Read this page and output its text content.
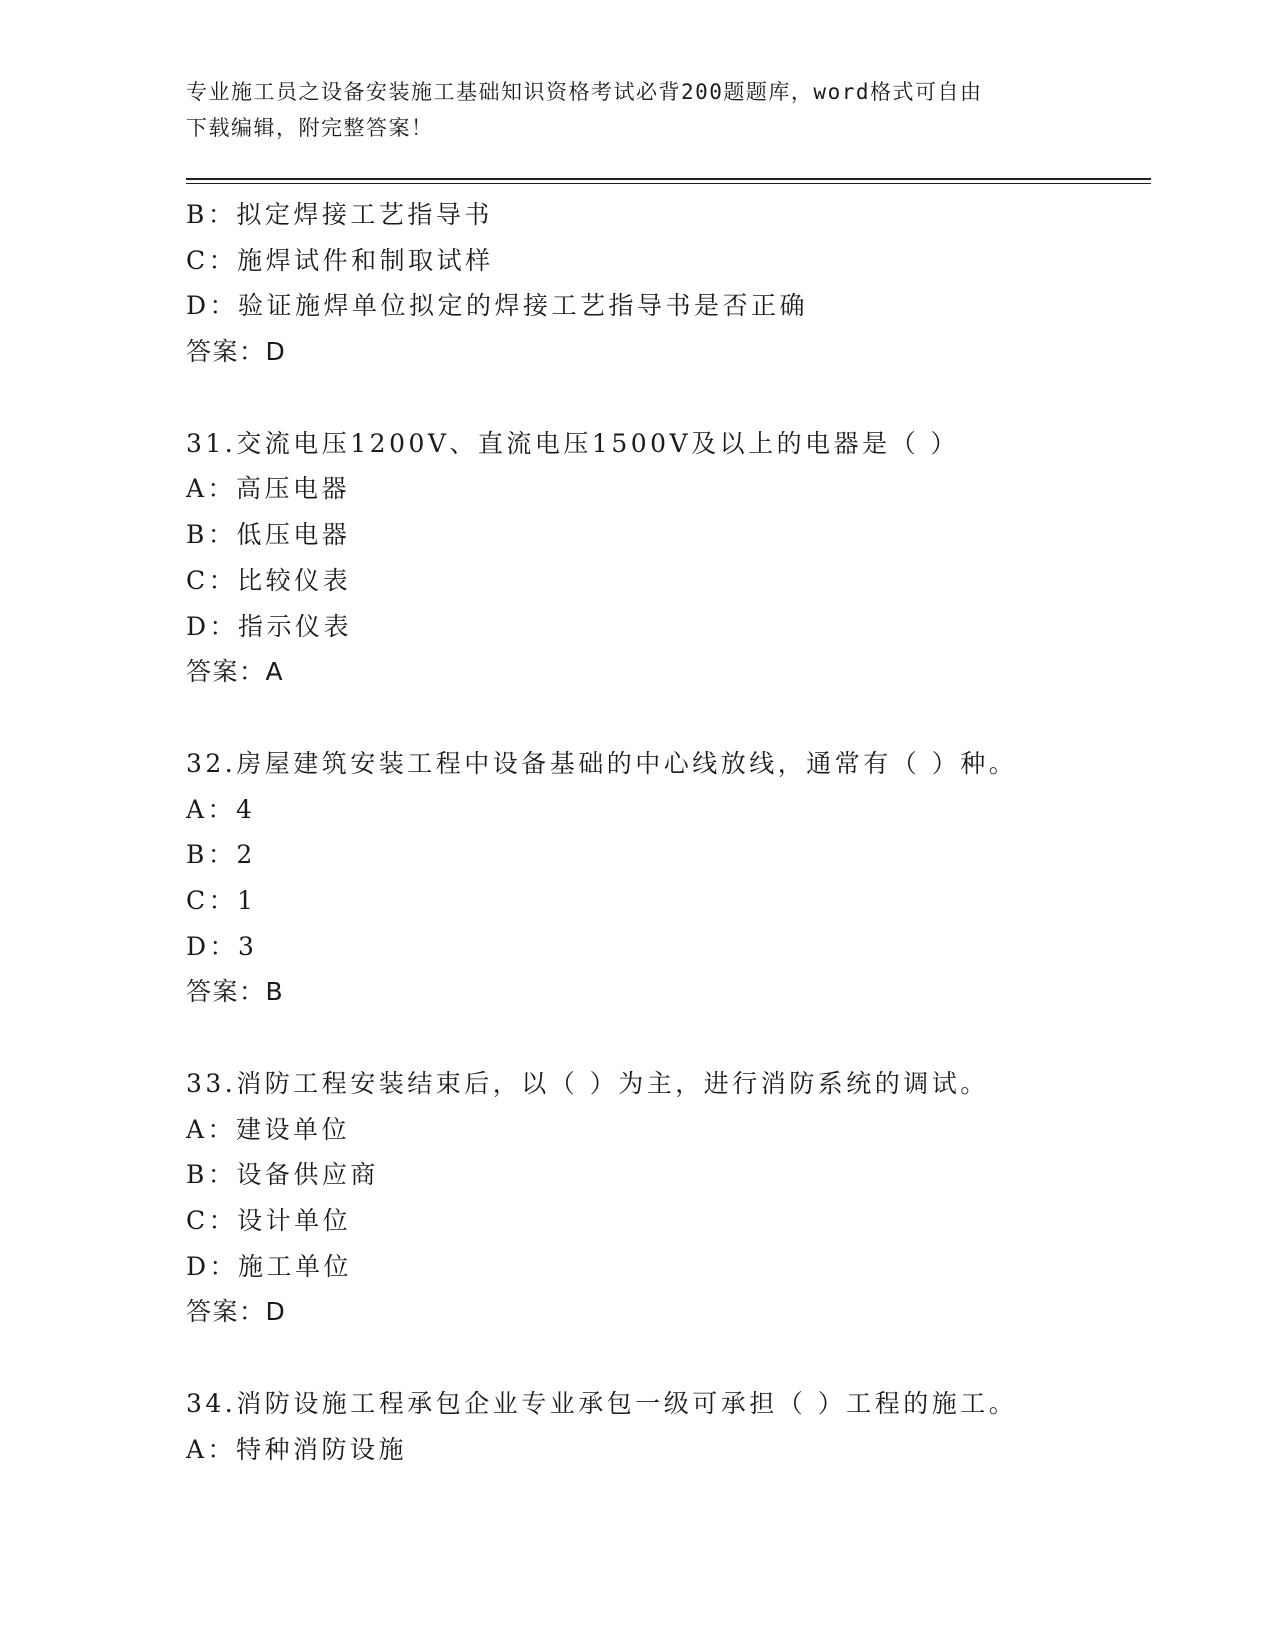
专业施工员之设备安装施工基础知识资格考试必背200题题库，word格式可自由
下载编辑，附完整答案！
B：拟定焊接工艺指导书
C：施焊试件和制取试样
D：验证施焊单位拟定的焊接工艺指导书是否正确
答案：D
31.交流电压1200V、直流电压1500V及以上的电器是（ ）
A：高压电器
B：低压电器
C：比较仪表
D：指示仪表
答案：A
32.房屋建筑安装工程中设备基础的中心线放线，通常有（ ）种。
A：4
B：2
C：1
D：3
答案：B
33.消防工程安装结束后，以（ ）为主，进行消防系统的调试。
A：建设单位
B：设备供应商
C：设计单位
D：施工单位
答案：D
34.消防设施工程承包企业专业承包一级可承担（ ）工程的施工。
A：特种消防设施
